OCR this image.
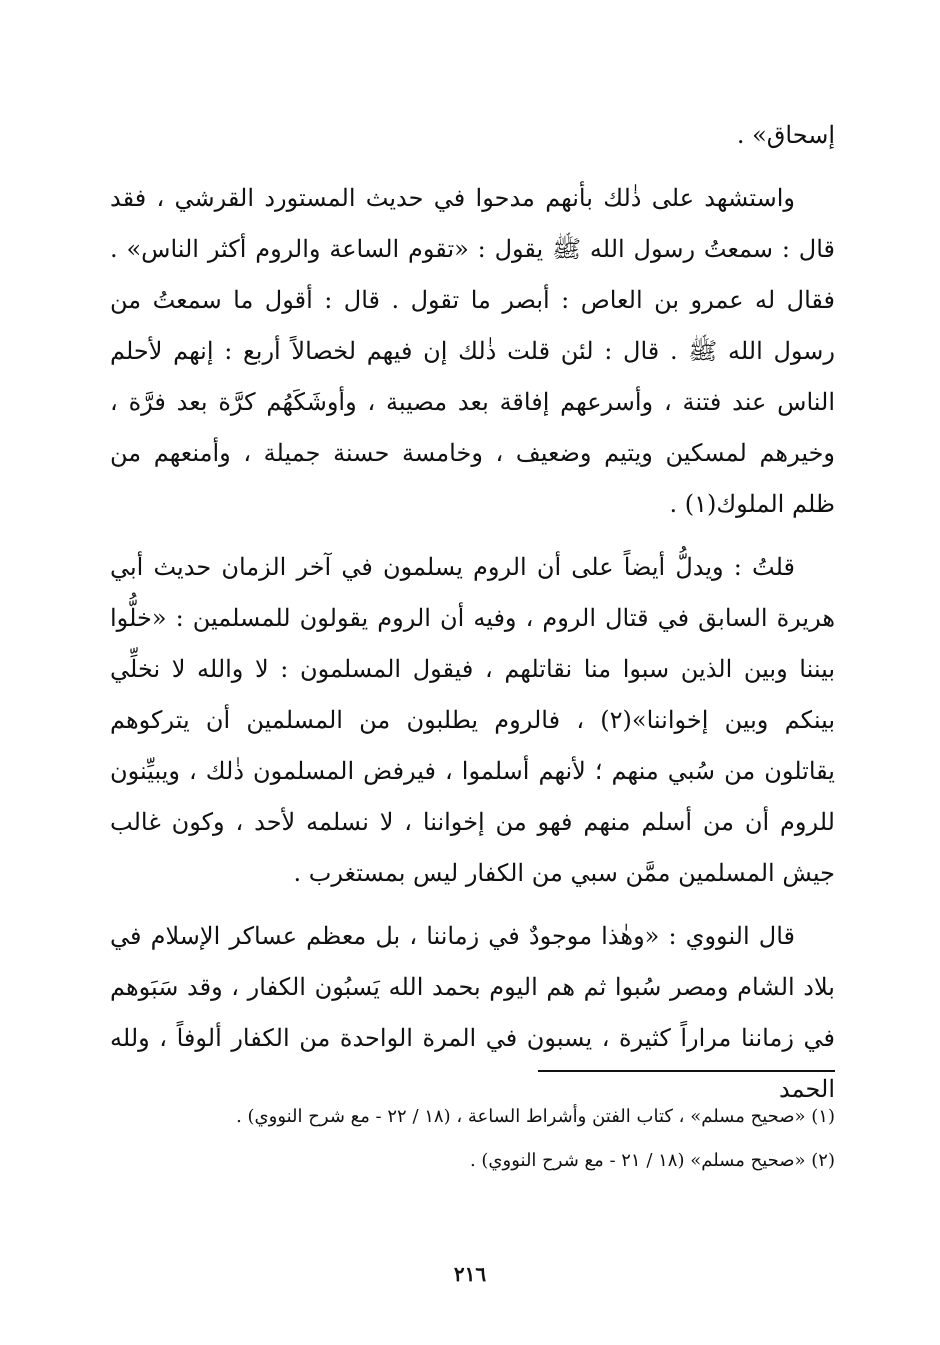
إسحاق» .

واستشهد على ذٰلك بأنهم مدحوا في حديث المستورد القرشي ، فقد قال : سمعتُ رسول الله ﷺ يقول : «تقوم الساعة والروم أكثر الناس» . فقال له عمرو بن العاص : أبصر ما تقول . قال : أقول ما سمعتُ من رسول الله ﷺ . قال : لئن قلت ذٰلك إن فيهم لخصالاً أربع : إنهم لأحلم الناس عند فتنة ، وأسرعهم إفاقة بعد مصيبة ، وأوشَكَهُم كرَّة بعد فرَّة ، وخيرهم لمسكين ويتيم وضعيف ، وخامسة حسنة جميلة ، وأمنعهم من ظلم الملوك(١) .

قلتُ : ويدلُّ أيضاً على أن الروم يسلمون في آخر الزمان حديث أبي هريرة السابق في قتال الروم ، وفيه أن الروم يقولون للمسلمين : «خلُّوا بيننا وبين الذين سبوا منا نقاتلهم ، فيقول المسلمون : لا والله لا نخلِّي بينكم وبين إخواننا»(٢) ، فالروم يطلبون من المسلمين أن يتركوهم يقاتلون من سُبي منهم ؛ لأنهم أسلموا ، فيرفض المسلمون ذٰلك ، ويبيِّنون للروم أن من أسلم منهم فهو من إخواننا ، لا نسلمه لأحد ، وكون غالب جيش المسلمين ممَّن سبي من الكفار ليس بمستغرب .

قال النووي : «وهٰذا موجودٌ في زماننا ، بل معظم عساكر الإسلام في بلاد الشام ومصر سُبوا ثم هم اليوم بحمد الله يَسبُون الكفار ، وقد سَبَوهم في زماننا مراراً كثيرة ، يسبون في المرة الواحدة من الكفار ألوفاً ، ولله الحمد

(١) «صحيح مسلم» ، كتاب الفتن وأشراط الساعة ، (١٨ / ٢٢ - مع شرح النووي) .

(٢) «صحيح مسلم» (١٨ / ٢١ - مع شرح النووي) .

٢١٦
